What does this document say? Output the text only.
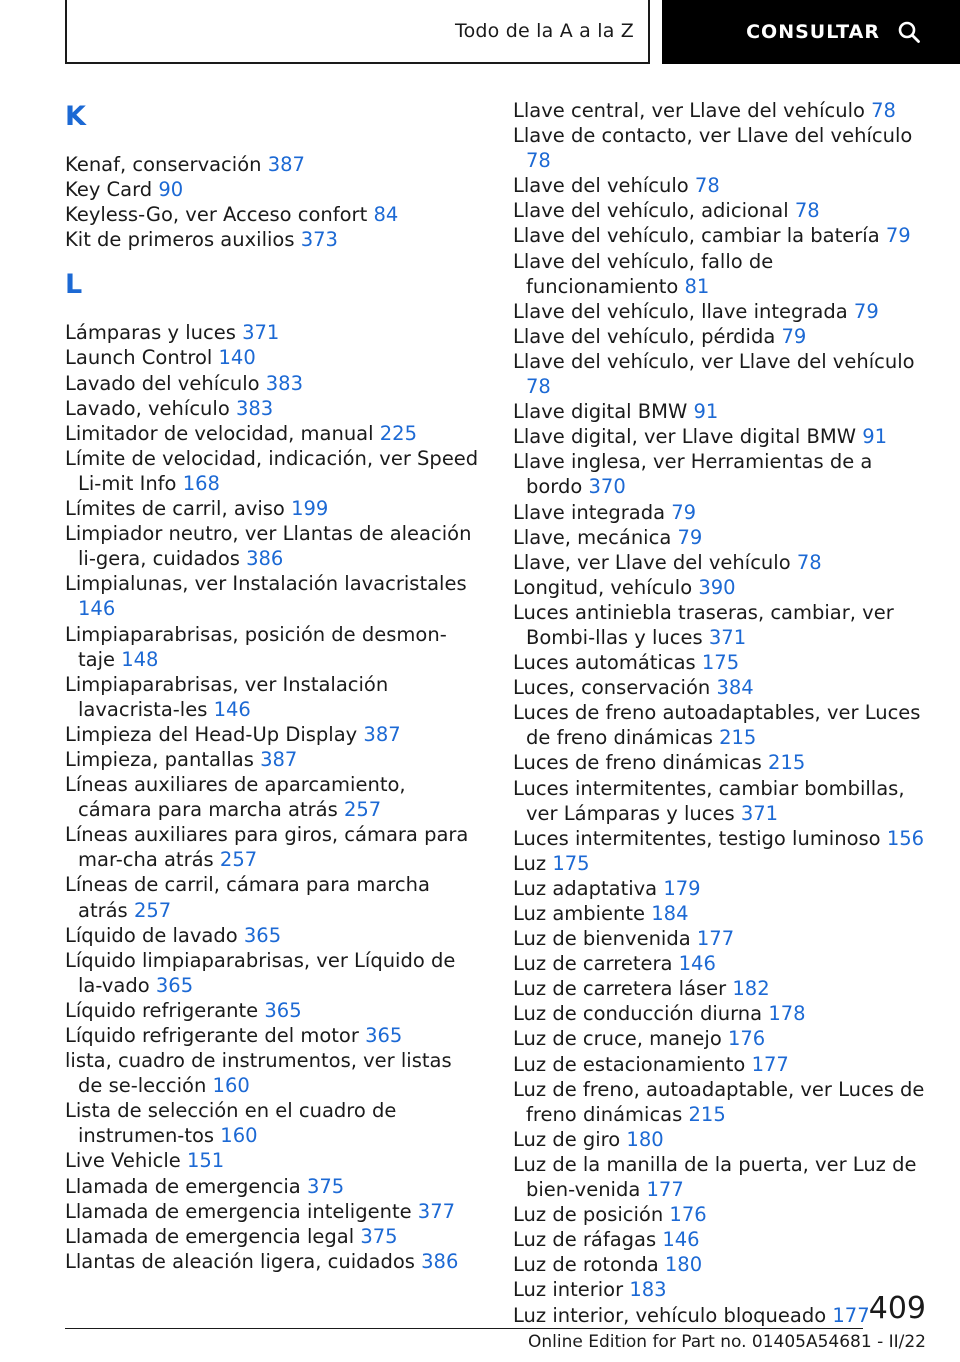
Todo de la A a la Z	CONSULTAR
K

Kenaf, conservación 387

Key Card 90

Keyless-Go, ver Acceso confort 84

Kit de primeros auxilios 373

L

Lámparas y luces 371

Launch Control 140

Lavado del vehículo 383

Lavado, vehículo 383

Limitador de velocidad, manual 225

Límite de velocidad, indicación, ver Speed Li-mit Info 168

Límites de carril, aviso 199

Limpiador neutro, ver Llantas de aleación li-gera, cuidados 386

Limpialunas, ver Instalación lavacristales 146

Limpiaparabrisas, posición de desmon-taje 148

Limpiaparabrisas, ver Instalación lavacrista-les 146

Limpieza del Head-Up Display 387

Limpieza, pantallas 387

Líneas auxiliares de aparcamiento, cámara para marcha atrás 257

Líneas auxiliares para giros, cámara para mar-cha atrás 257

Líneas de carril, cámara para marcha atrás 257

Líquido de lavado 365

Líquido limpiaparabrisas, ver Líquido de la-vado 365

Líquido refrigerante 365

Líquido refrigerante del motor 365

lista, cuadro de instrumentos, ver listas de se-lección 160

Lista de selección en el cuadro de instrumen-tos 160

Live Vehicle 151

Llamada de emergencia 375

Llamada de emergencia inteligente 377

Llamada de emergencia legal 375

Llantas de aleación ligera, cuidados 386

Llave central, ver Llave del vehículo 78

Llave de contacto, ver Llave del vehículo 78

Llave del vehículo 78

Llave del vehículo, adicional 78

Llave del vehículo, cambiar la batería 79

Llave del vehículo, fallo de funcionamiento 81

Llave del vehículo, llave integrada 79

Llave del vehículo, pérdida 79

Llave del vehículo, ver Llave del vehículo 78

Llave digital BMW 91

Llave digital, ver Llave digital BMW 91

Llave inglesa, ver Herramientas de a bordo 370

Llave integrada 79

Llave, mecánica 79

Llave, ver Llave del vehículo 78

Longitud, vehículo 390

Luces antiniebla traseras, cambiar, ver Bombi-llas y luces 371

Luces automáticas 175

Luces, conservación 384

Luces de freno autoadaptables, ver Luces de freno dinámicas 215

Luces de freno dinámicas 215

Luces intermitentes, cambiar bombillas, ver Lámparas y luces 371

Luces intermitentes, testigo luminoso 156

Luz 175

Luz adaptativa 179

Luz ambiente 184

Luz de bienvenida 177

Luz de carretera 146

Luz de carretera láser 182

Luz de conducción diurna 178

Luz de cruce, manejo 176

Luz de estacionamiento 177

Luz de freno, autoadaptable, ver Luces de freno dinámicas 215

Luz de giro 180

Luz de la manilla de la puerta, ver Luz de bien-venida 177

Luz de posición 176

Luz de ráfagas 146

Luz de rotonda 180

Luz interior 183

Luz interior, vehículo bloqueado 177 409
Online Edition for Part no. 01405A54681 - II/22
